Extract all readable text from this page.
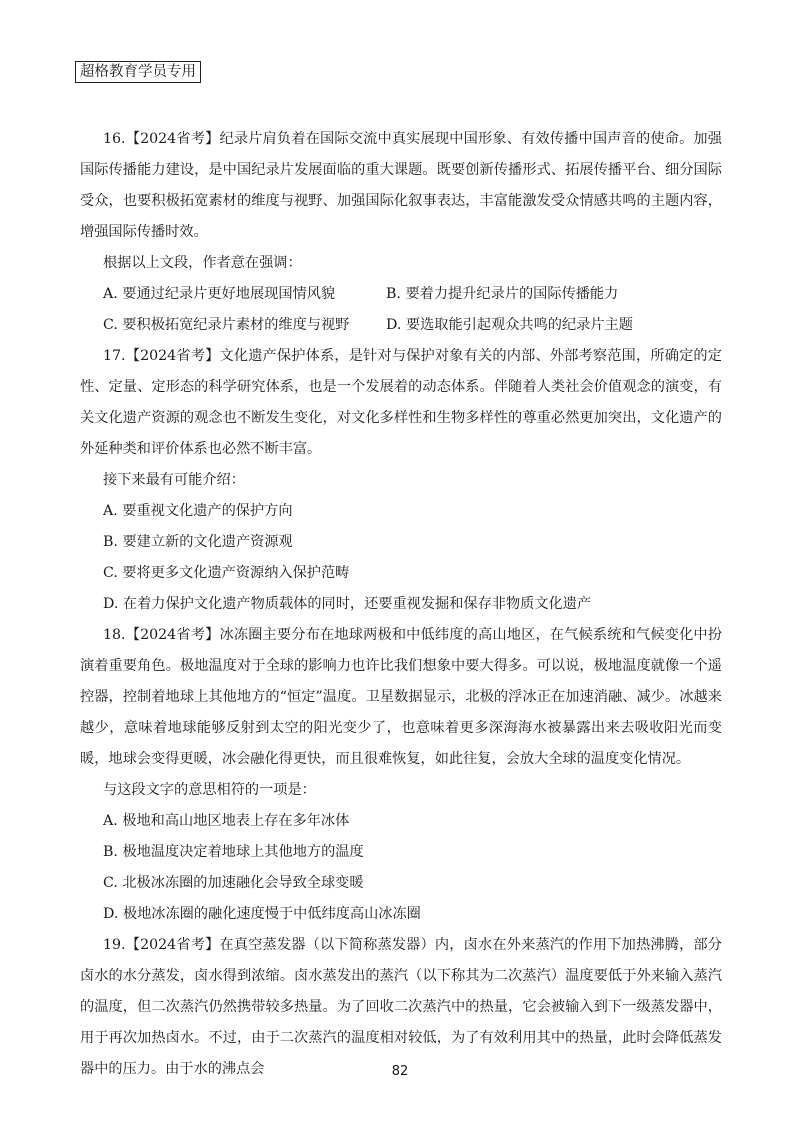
超格教育学员专用

16.【2024省考】纪录片肩负着在国际交流中真实展现中国形象、有效传播中国声音的使命。加强国际传播能力建设，是中国纪录片发展面临的重大课题。既要创新传播形式、拓展传播平台、细分国际受众，也要积极拓宽素材的维度与视野、加强国际化叙事表达，丰富能激发受众情感共鸣的主题内容，增强国际传播时效。

根据以上文段，作者意在强调：

A. 要通过纪录片更好地展现国情风貌	B. 要着力提升纪录片的国际传播能力
C. 要积极拓宽纪录片素材的维度与视野	D. 要选取能引起观众共鸣的纪录片主题

17.【2024省考】文化遗产保护体系，是针对与保护对象有关的内部、外部考察范围，所确定的定性、定量、定形态的科学研究体系，也是一个发展着的动态体系。伴随着人类社会价值观念的演变，有关文化遗产资源的观念也不断发生变化，对文化多样性和生物多样性的尊重必然更加突出，文化遗产的外延种类和评价体系也必然不断丰富。

接下来最有可能介绍：

A. 要重视文化遗产的保护方向

B. 要建立新的文化遗产资源观

C. 要将更多文化遗产资源纳入保护范畴

D. 在着力保护文化遗产物质载体的同时，还要重视发掘和保存非物质文化遗产

18.【2024省考】冰冻圈主要分布在地球两极和中低纬度的高山地区，在气候系统和气候变化中扮演着重要角色。极地温度对于全球的影响力也许比我们想象中要大得多。可以说，极地温度就像一个遥控器，控制着地球上其他地方的“恒定”温度。卫星数据显示，北极的浮冰正在加速消融、减少。冰越来越少，意味着地球能够反射到太空的阳光变少了，也意味着更多深海海水被暴露出来去吸收阳光而变暖，地球会变得更暖，冰会融化得更快，而且很难恢复，如此往复，会放大全球的温度变化情况。

与这段文字的意思相符的一项是：

A. 极地和高山地区地表上存在多年冰体

B. 极地温度决定着地球上其他地方的温度

C. 北极冰冻圈的加速融化会导致全球变暖

D. 极地冰冻圈的融化速度慢于中低纬度高山冰冻圈

19.【2024省考】在真空蒸发器（以下简称蒸发器）内，卤水在外来蒸汽的作用下加热沸腾，部分卤水的水分蒸发，卤水得到浓缩。卤水蒸发出的蒸汽（以下称其为二次蒸汽）温度要低于外来输入蒸汽的温度，但二次蒸汽仍然携带较多热量。为了回收二次蒸汽中的热量，它会被输入到下一级蒸发器中，用于再次加热卤水。不过，由于二次蒸汽的温度相对较低，为了有效利用其中的热量，此时会降低蒸发器中的压力。由于水的沸点会	82
